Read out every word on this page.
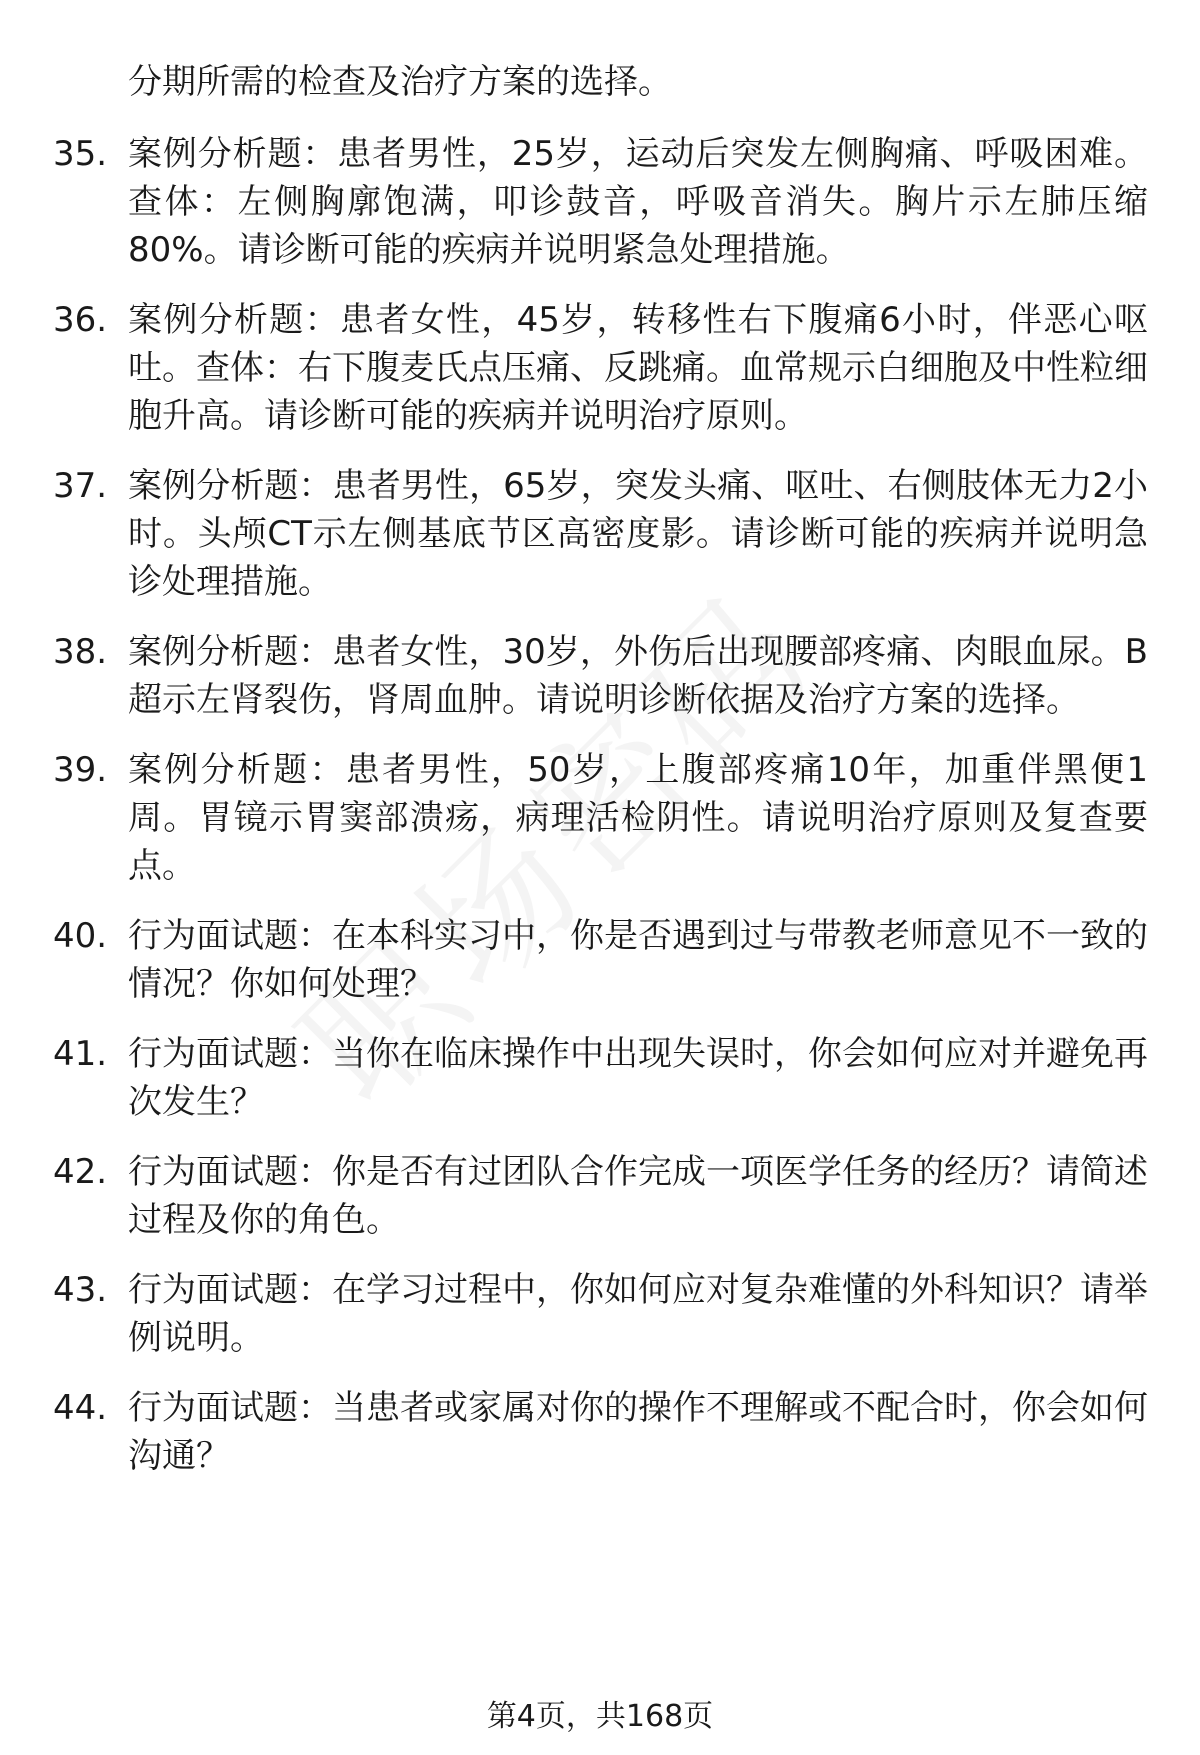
分期所需的检查及治疗方案的选择。

35. 案例分析题：患者男性，25岁，运动后突发左侧胸痛、呼吸困难。查体：左侧胸廓饱满，叩诊鼓音，呼吸音消失。胸片示左肺压缩80%。请诊断可能的疾病并说明紧急处理措施。
36. 案例分析题：患者女性，45岁，转移性右下腹痛6小时，伴恶心呕吐。查体：右下腹麦氏点压痛、反跳痛。血常规示白细胞及中性粒细胞升高。请诊断可能的疾病并说明治疗原则。
37. 案例分析题：患者男性，65岁，突发头痛、呕吐、右侧肢体无力2小时。头颅CT示左侧基底节区高密度影。请诊断可能的疾病并说明急诊处理措施。
38. 案例分析题：患者女性，30岁，外伤后出现腰部疼痛、肉眼血尿。B超示左肾裂伤，肾周血肿。请说明诊断依据及治疗方案的选择。
39. 案例分析题：患者男性，50岁，上腹部疼痛10年，加重伴黑便1周。胃镜示胃窦部溃疡，病理活检阴性。请说明治疗原则及复查要点。
40. 行为面试题：在本科实习中，你是否遇到过与带教老师意见不一致的情况？你如何处理？
41. 行为面试题：当你在临床操作中出现失误时，你会如何应对并避免再次发生？
42. 行为面试题：你是否有过团队合作完成一项医学任务的经历？请简述过程及你的角色。
43. 行为面试题：在学习过程中，你如何应对复杂难懂的外科知识？请举例说明。
44. 行为面试题：当患者或家属对你的操作不理解或不配合时，你会如何沟通？
第4页，共168页
